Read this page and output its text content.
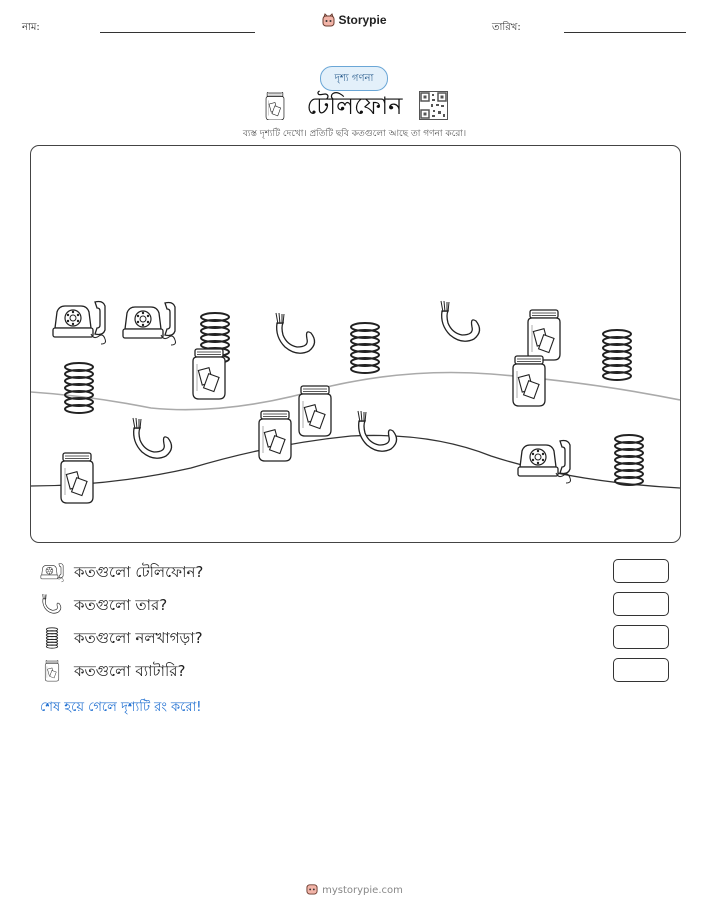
নাম:
Storypie
তারিখ:
দৃশ্য গণনা
টেলিফোন
ব্যস্ত দৃশ্যটি দেখো। প্রতিটি ছবি কতগুলো আছে তা গণনা করো।
কতগুলো টেলিফোন?
কতগুলো তার?
কতগুলো নলখাগড়া?
কতগুলো ব্যাটারি?
শেষ হয়ে গেলে দৃশ্যটি রং করো!
mystorypie.com
